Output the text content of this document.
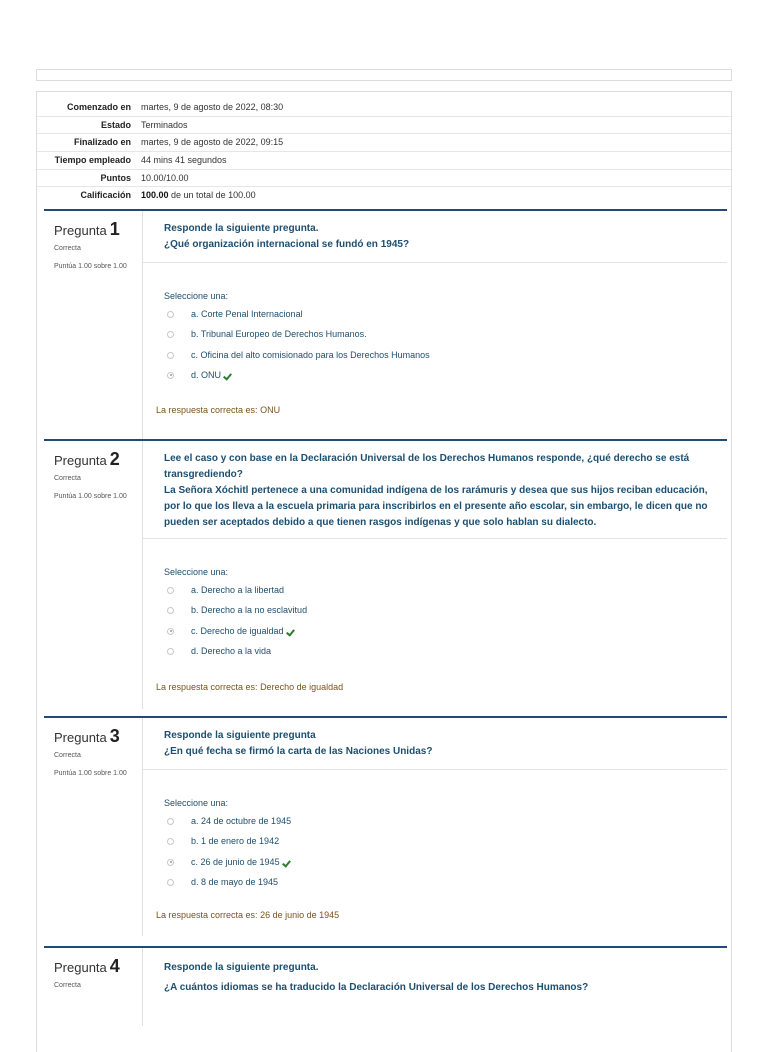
Comenzado en	martes, 9 de agosto de 2022, 08:30
Estado	Terminados
Finalizado en	martes, 9 de agosto de 2022, 09:15
Tiempo empleado	44 mins 41 segundos
Puntos	10.00/10.00
Calificación	100.00 de un total de 100.00
Pregunta 1
Correcta
Puntúa 1.00 sobre 1.00
Responde la siguiente pregunta.
¿Qué organización internacional se fundó en 1945?
Seleccione una:
a. Corte Penal Internacional
b. Tribunal Europeo de Derechos Humanos.
c. Oficina del alto comisionado para los Derechos Humanos
d. ONU
La respuesta correcta es: ONU
Pregunta 2
Correcta
Puntúa 1.00 sobre 1.00
Lee el caso y con base en la Declaración Universal de los Derechos Humanos responde, ¿qué derecho se está transgrediendo?
La Señora Xóchitl pertenece a una comunidad indígena de los rarámuris y desea que sus hijos reciban educación, por lo que los lleva a la escuela primaria para inscribirlos en el presente año escolar, sin embargo, le dicen que no pueden ser aceptados debido a que tienen rasgos indígenas y que solo hablan su dialecto.
Seleccione una:
a. Derecho a la libertad
b. Derecho a la no esclavitud
c. Derecho de igualdad
d. Derecho a la vida
La respuesta correcta es: Derecho de igualdad
Pregunta 3
Correcta
Puntúa 1.00 sobre 1.00
Responde la siguiente pregunta
¿En qué fecha se firmó la carta de las Naciones Unidas?
Seleccione una:
a. 24 de octubre de 1945
b. 1 de enero de 1942
c. 26 de junio de 1945
d. 8 de mayo de 1945
La respuesta correcta es: 26 de junio de 1945
Pregunta 4
Correcta
Responde la siguiente pregunta.
¿A cuántos idiomas se ha traducido la Declaración Universal de los Derechos Humanos?
